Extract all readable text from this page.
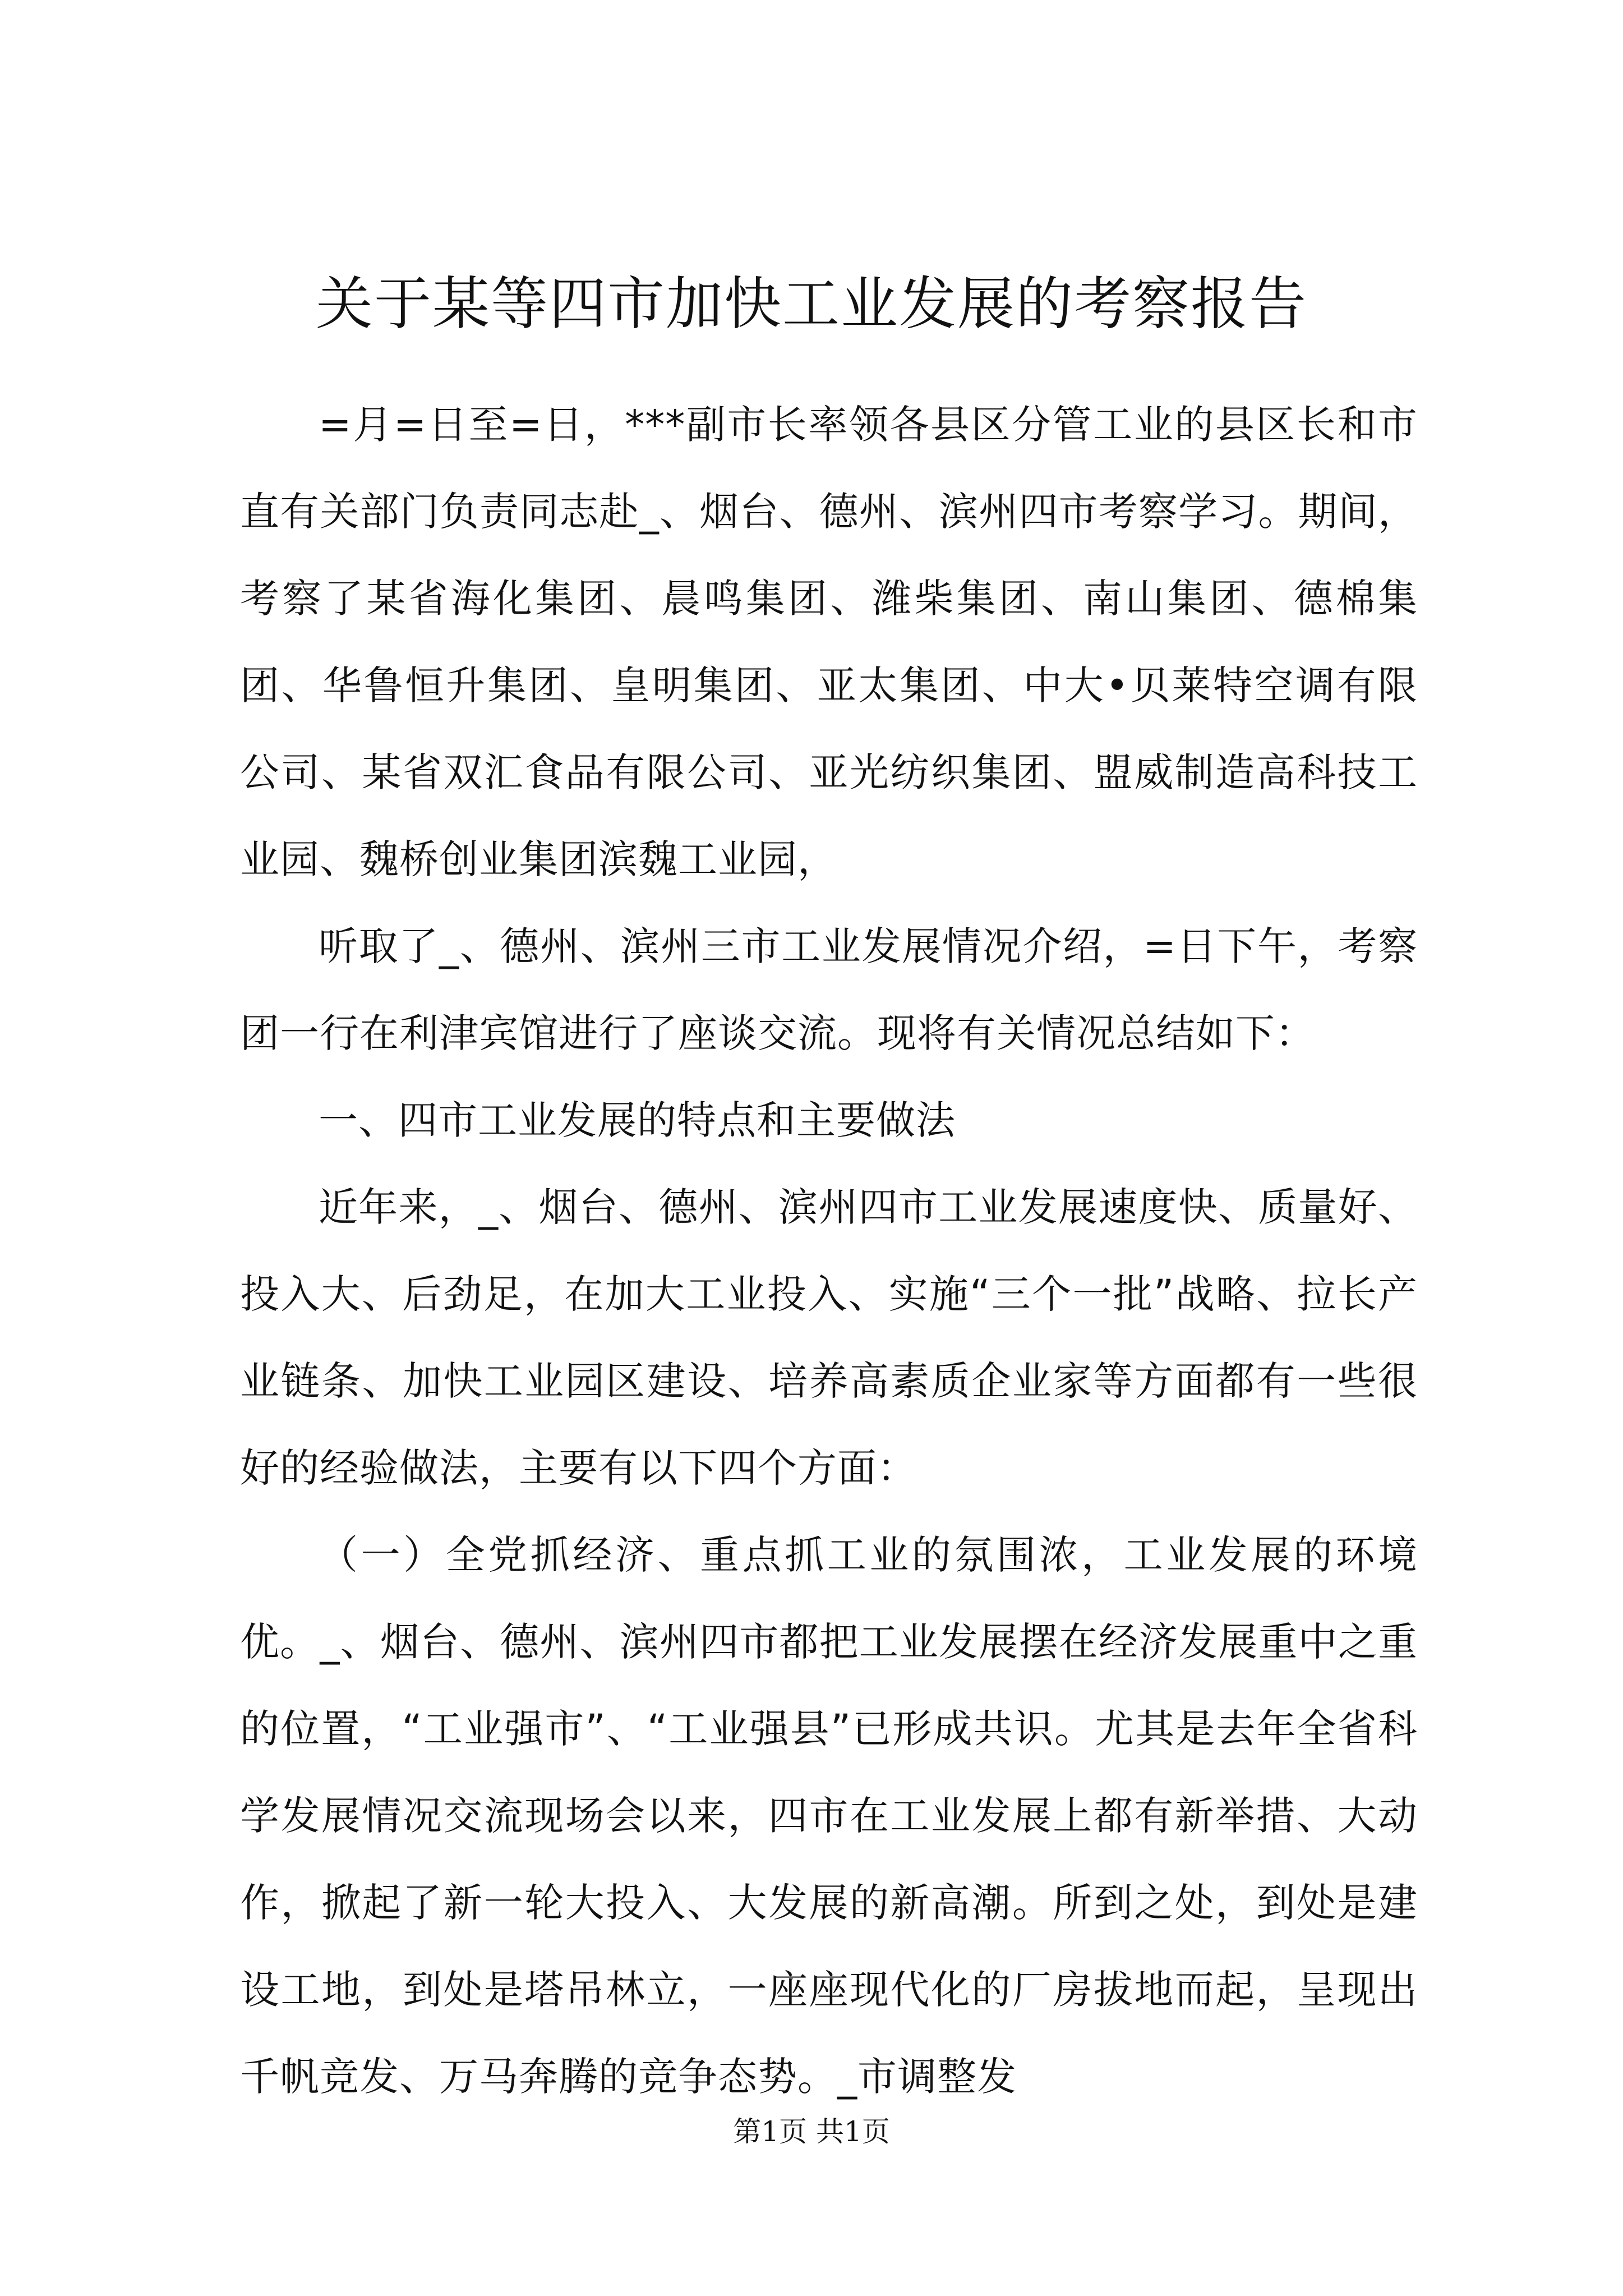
关于某等四市加快工业发展的考察报告

=月=日至=日，***副市长率领各县区分管工业的县区长和市直有关部门负责同志赴_、烟台、德州、滨州四市考察学习。期间，考察了某省海化集团、晨鸣集团、潍柴集团、南山集团、德棉集团、华鲁恒升集团、皇明集团、亚太集团、中大•贝莱特空调有限公司、某省双汇食品有限公司、亚光纺织集团、盟威制造高科技工业园、魏桥创业集团滨魏工业园，

听取了_、德州、滨州三市工业发展情况介绍，=日下午，考察团一行在利津宾馆进行了座谈交流。现将有关情况总结如下：

一、四市工业发展的特点和主要做法

近年来，_、烟台、德州、滨州四市工业发展速度快、质量好、投入大、后劲足，在加大工业投入、实施“三个一批”战略、拉长产业链条、加快工业园区建设、培养高素质企业家等方面都有一些很好的经验做法，主要有以下四个方面：

（一）全党抓经济、重点抓工业的氛围浓，工业发展的环境优。_、烟台、德州、滨州四市都把工业发展摆在经济发展重中之重的位置，“工业强市”、“工业强县”已形成共识。尤其是去年全省科学发展情况交流现场会以来，四市在工业发展上都有新举措、大动作，掀起了新一轮大投入、大发展的新高潮。所到之处，到处是建设工地，到处是塔吊林立，一座座现代化的厂房拔地而起，呈现出千帆竞发、万马奔腾的竞争态势。_市调整发

第1页 共1页
